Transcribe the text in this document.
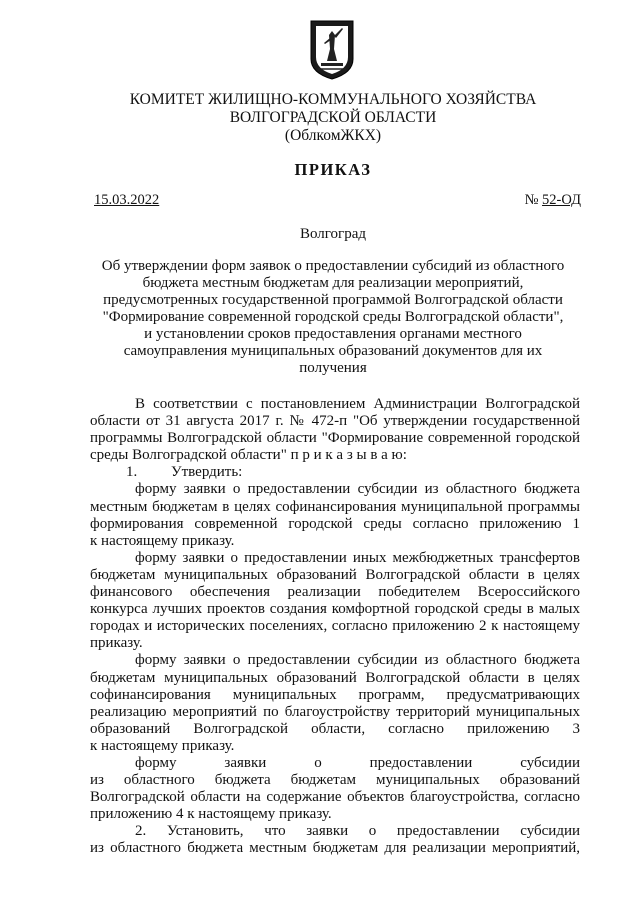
КОМИТЕТ ЖИЛИЩНО-КОММУНАЛЬНОГО ХОЗЯЙСТВА
ВОЛГОГРАДСКОЙ ОБЛАСТИ
(ОблкомЖКХ)
ПРИКАЗ
15.03.2022	№ 52-ОД
Волгоград
Об утверждении форм заявок о предоставлении субсидий из областного
бюджета местным бюджетам для реализации мероприятий,
предусмотренных государственной программой Волгоградской области
"Формирование современной городской среды Волгоградской области",
и установлении сроков предоставления органами местного
самоуправления муниципальных образований документов для их
получения
В соответствии с постановлением Администрации Волгоградской
области от 31 августа 2017 г. № 472-п "Об утверждении государственной
программы Волгоградской области "Формирование современной городской
среды Волгоградской области" п р и к а з ы в а ю:
1. Утвердить:
форму заявки о предоставлении субсидии из областного бюджета
местным бюджетам в целях софинансирования муниципальной программы
формирования современной городской среды согласно приложению 1
к настоящему приказу.
форму заявки о предоставлении иных межбюджетных трансфертов
бюджетам муниципальных образований Волгоградской области в целях
финансового обеспечения реализации победителем Всероссийского
конкурса лучших проектов создания комфортной городской среды в малых
городах и исторических поселениях, согласно приложению 2 к настоящему
приказу.
форму заявки о предоставлении субсидии из областного бюджета
бюджетам муниципальных образований Волгоградской области в целях
софинансирования муниципальных программ, предусматривающих
реализацию мероприятий по благоустройству территорий муниципальных
образований Волгоградской области, согласно приложению 3
к настоящему приказу.
форму заявки о предоставлении субсидии
из областного бюджета бюджетам муниципальных образований
Волгоградской области на содержание объектов благоустройства, согласно
приложению 4 к настоящему приказу.
2. Установить, что заявки о предоставлении субсидии
из областного бюджета местным бюджетам для реализации мероприятий,
